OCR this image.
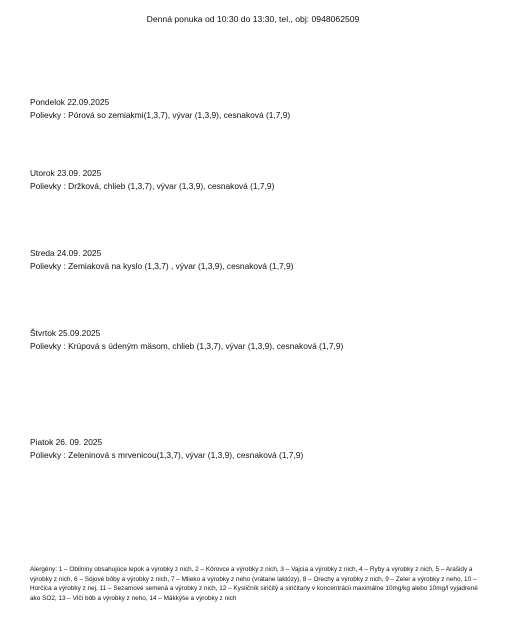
Denná ponuka od 10:30 do 13:30, tel., obj: 0948062509
Pondelok 22.09.2025
Polievky : Pórová so zemiakmi(1,3,7), vývar (1,3,9), cesnaková (1,7,9)
Utorok 23.09. 2025
Polievky : Držková, chlieb (1,3,7), vývar (1,3,9), cesnaková (1,7,9)
Streda 24.09. 2025
Polievky : Zemiaková na kyslo (1,3,7) , vývar (1,3,9), cesnaková (1,7,9)
Štvrtok 25.09.2025
Polievky : Krúpová s údeným mäsom, chlieb (1,3,7), vývar (1,3,9), cesnaková (1,7,9)
Piatok 26. 09. 2025
Polievky : Zeleninová s mrvenicou(1,3,7), vývar (1,3,9), cesnaková (1,7,9)
Alergény: 1 – Obilniny obsahujúce lepok a výrobky z nich, 2 – Kôrovce a výrobky z nich, 3 – Vajcia a výrobky z nich, 4 – Ryby a výrobky z nich, 5 – Arašidy a výrobky z nich, 6 – Sójové bôby a výrobky z nich, 7 – Mlieko a výrobky z neho (vrátane laktózy), 8 – Orechy a výrobky z nich, 9 – Zeler a výrobky z neho, 10 – Horčica a výrobky z nej, 11 – Sezamové semená a výrobky z nich, 12 – Kysličník siričitý a siričitany v koncentrácii maximálne 10mg/kg alebo 10mg/l vyjadrené ako SO2, 13 – Vlčí bôb a výrobky z neho, 14 – Mäkkýše a výrobky z nich
